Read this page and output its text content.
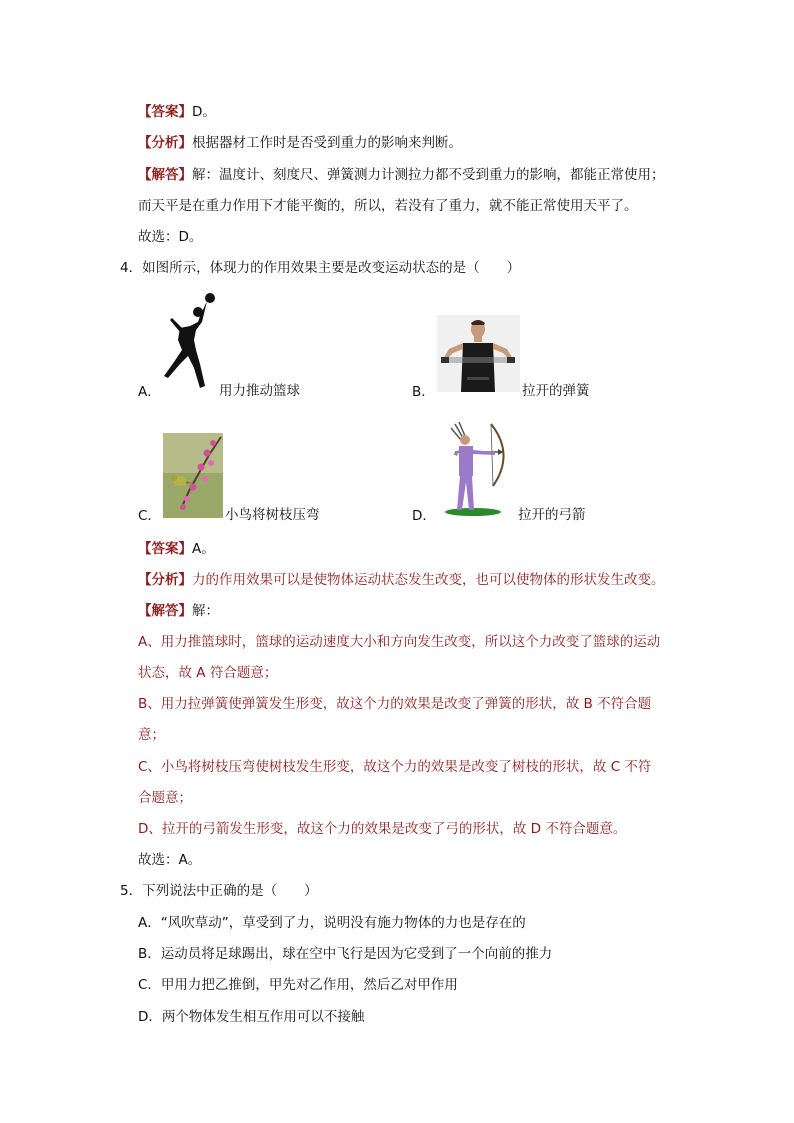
【答案】D。
【分析】根据器材工作时是否受到重力的影响来判断。
【解答】解：温度计、刻度尺、弹簧测力计测拉力都不受到重力的影响，都能正常使用；
而天平是在重力作用下才能平衡的，所以，若没有了重力，就不能正常使用天平了。
故选：D。
4．如图所示，体现力的作用效果主要是改变运动状态的是（　　）
A．	用力推动篮球	B．	拉开的弹簧
C．	小鸟将树枝压弯	D．	拉开的弓箭
【答案】A。
【分析】力的作用效果可以是使物体运动状态发生改变，也可以使物体的形状发生改变。
【解答】解：
A、用力推篮球时，篮球的运动速度大小和方向发生改变，所以这个力改变了篮球的运动
状态，故 A 符合题意；
B、用力拉弹簧使弹簧发生形变，故这个力的效果是改变了弹簧的形状，故 B 不符合题
意；
C、小鸟将树枝压弯使树枝发生形变，故这个力的效果是改变了树枝的形状，故 C 不符
合题意；
D、拉开的弓箭发生形变，故这个力的效果是改变了弓的形状，故 D 不符合题意。
故选：A。
5．下列说法中正确的是（　　）
A．“风吹草动”，草受到了力，说明没有施力物体的力也是存在的
B．运动员将足球踢出，球在空中飞行是因为它受到了一个向前的推力
C．甲用力把乙推倒，甲先对乙作用，然后乙对甲作用
D．两个物体发生相互作用可以不接触
